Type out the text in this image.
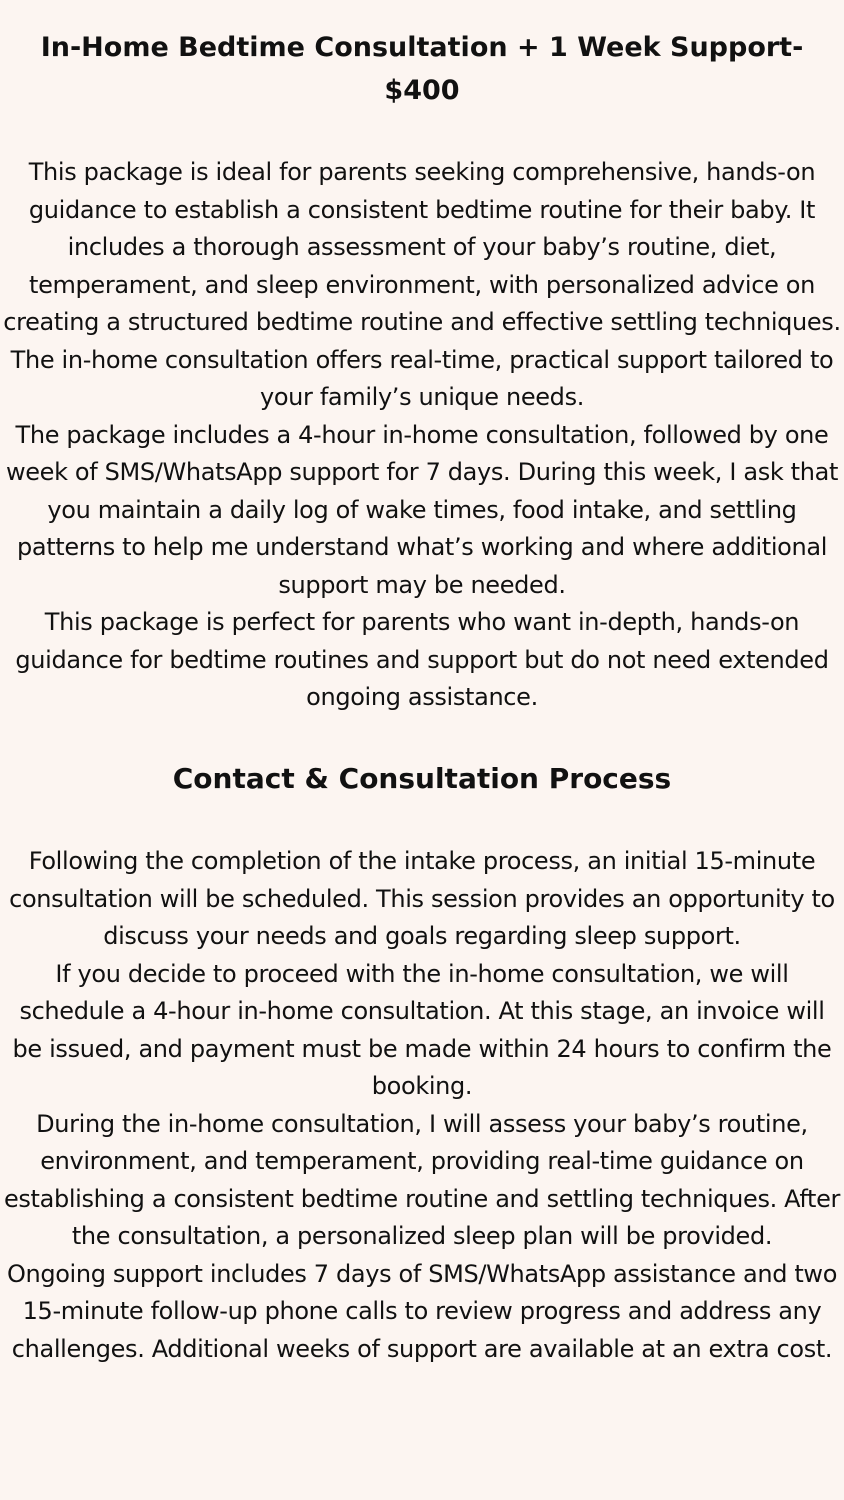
In-Home Bedtime Consultation + 1 Week Support- $400

This package is ideal for parents seeking comprehensive, hands-on guidance to establish a consistent bedtime routine for their baby. It includes a thorough assessment of your baby’s routine, diet, temperament, and sleep environment, with personalized advice on creating a structured bedtime routine and effective settling techniques. The in-home consultation offers real-time, practical support tailored to your family’s unique needs.

The package includes a 4-hour in-home consultation, followed by one week of SMS/WhatsApp support for 7 days. During this week, I ask that you maintain a daily log of wake times, food intake, and settling patterns to help me understand what’s working and where additional support may be needed.

This package is perfect for parents who want in-depth, hands-on guidance for bedtime routines and support but do not need extended ongoing assistance.

Contact & Consultation Process

Following the completion of the intake process, an initial 15-minute consultation will be scheduled. This session provides an opportunity to discuss your needs and goals regarding sleep support.

If you decide to proceed with the in-home consultation, we will schedule a 4-hour in-home consultation. At this stage, an invoice will be issued, and payment must be made within 24 hours to confirm the booking.

During the in-home consultation, I will assess your baby’s routine, environment, and temperament, providing real-time guidance on establishing a consistent bedtime routine and settling techniques. After the consultation, a personalized sleep plan will be provided.

Ongoing support includes 7 days of SMS/WhatsApp assistance and two 15-minute follow-up phone calls to review progress and address any challenges. Additional weeks of support are available at an extra cost.
